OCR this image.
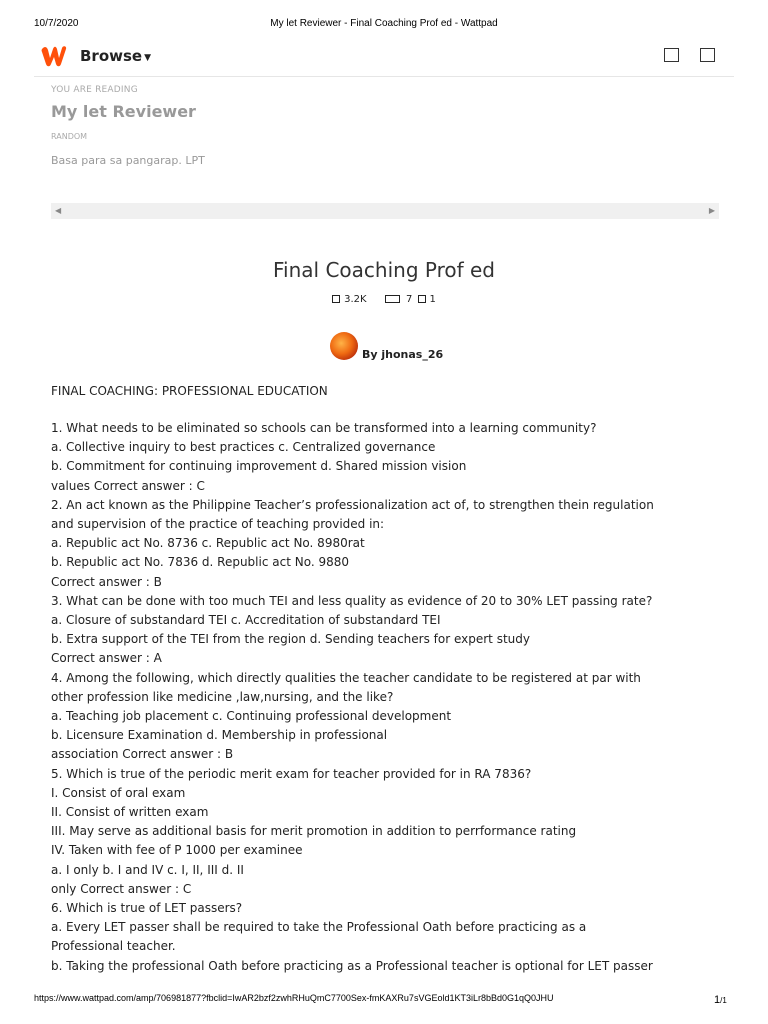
10/7/2020	My let Reviewer - Final Coaching Prof ed - Wattpad
Browse ▼
YOU ARE READING
My let Reviewer
RANDOM
Basa para sa pangarap. LPT
◀	▶
Final Coaching Prof ed
3.2K	7 1
By jhonas_26

FINAL COACHING: PROFESSIONAL EDUCATION

1. What needs to be eliminated so schools can be transformed into a learning community?

a. Collective inquiry to best practices c. Centralized governance

b. Commitment for continuing improvement d. Shared mission vision

values Correct answer : C

2. An act known as the Philippine Teacher’s professionalization act of, to strengthen thein regulation

and supervision of the practice of teaching provided in:

a. Republic act No. 8736 c. Republic act No. 8980rat

b. Republic act No. 7836 d. Republic act No. 9880

Correct answer : B

3. What can be done with too much TEI and less quality as evidence of 20 to 30% LET passing rate?

a. Closure of substandard TEI c. Accreditation of substandard TEI

b. Extra support of the TEI from the region d. Sending teachers for expert study

Correct answer : A

4. Among the following, which directly qualities the teacher candidate to be registered at par with

other profession like medicine ,law,nursing, and the like?

a. Teaching job placement c. Continuing professional development

b. Licensure Examination d. Membership in professional

association Correct answer : B

5. Which is true of the periodic merit exam for teacher provided for in RA 7836?

I. Consist of oral exam

II. Consist of written exam

III. May serve as additional basis for merit promotion in addition to perrformance rating

IV. Taken with fee of P 1000 per examinee

a. I only b. I and IV c. I, II, III d. II

only Correct answer : C

6. Which is true of LET passers?

a. Every LET passer shall be required to take the Professional Oath before practicing as a

Professional teacher.

b. Taking the professional Oath before practicing as a Professional teacher is optional for LET passer

https://www.wattpad.com/amp/706981877?fbclid=IwAR2bzf2zwhRHuQmC7700Sex-fmKAXRu7sVGEold1KT3iLr8bBd0G1qQ0JHU	1/1
